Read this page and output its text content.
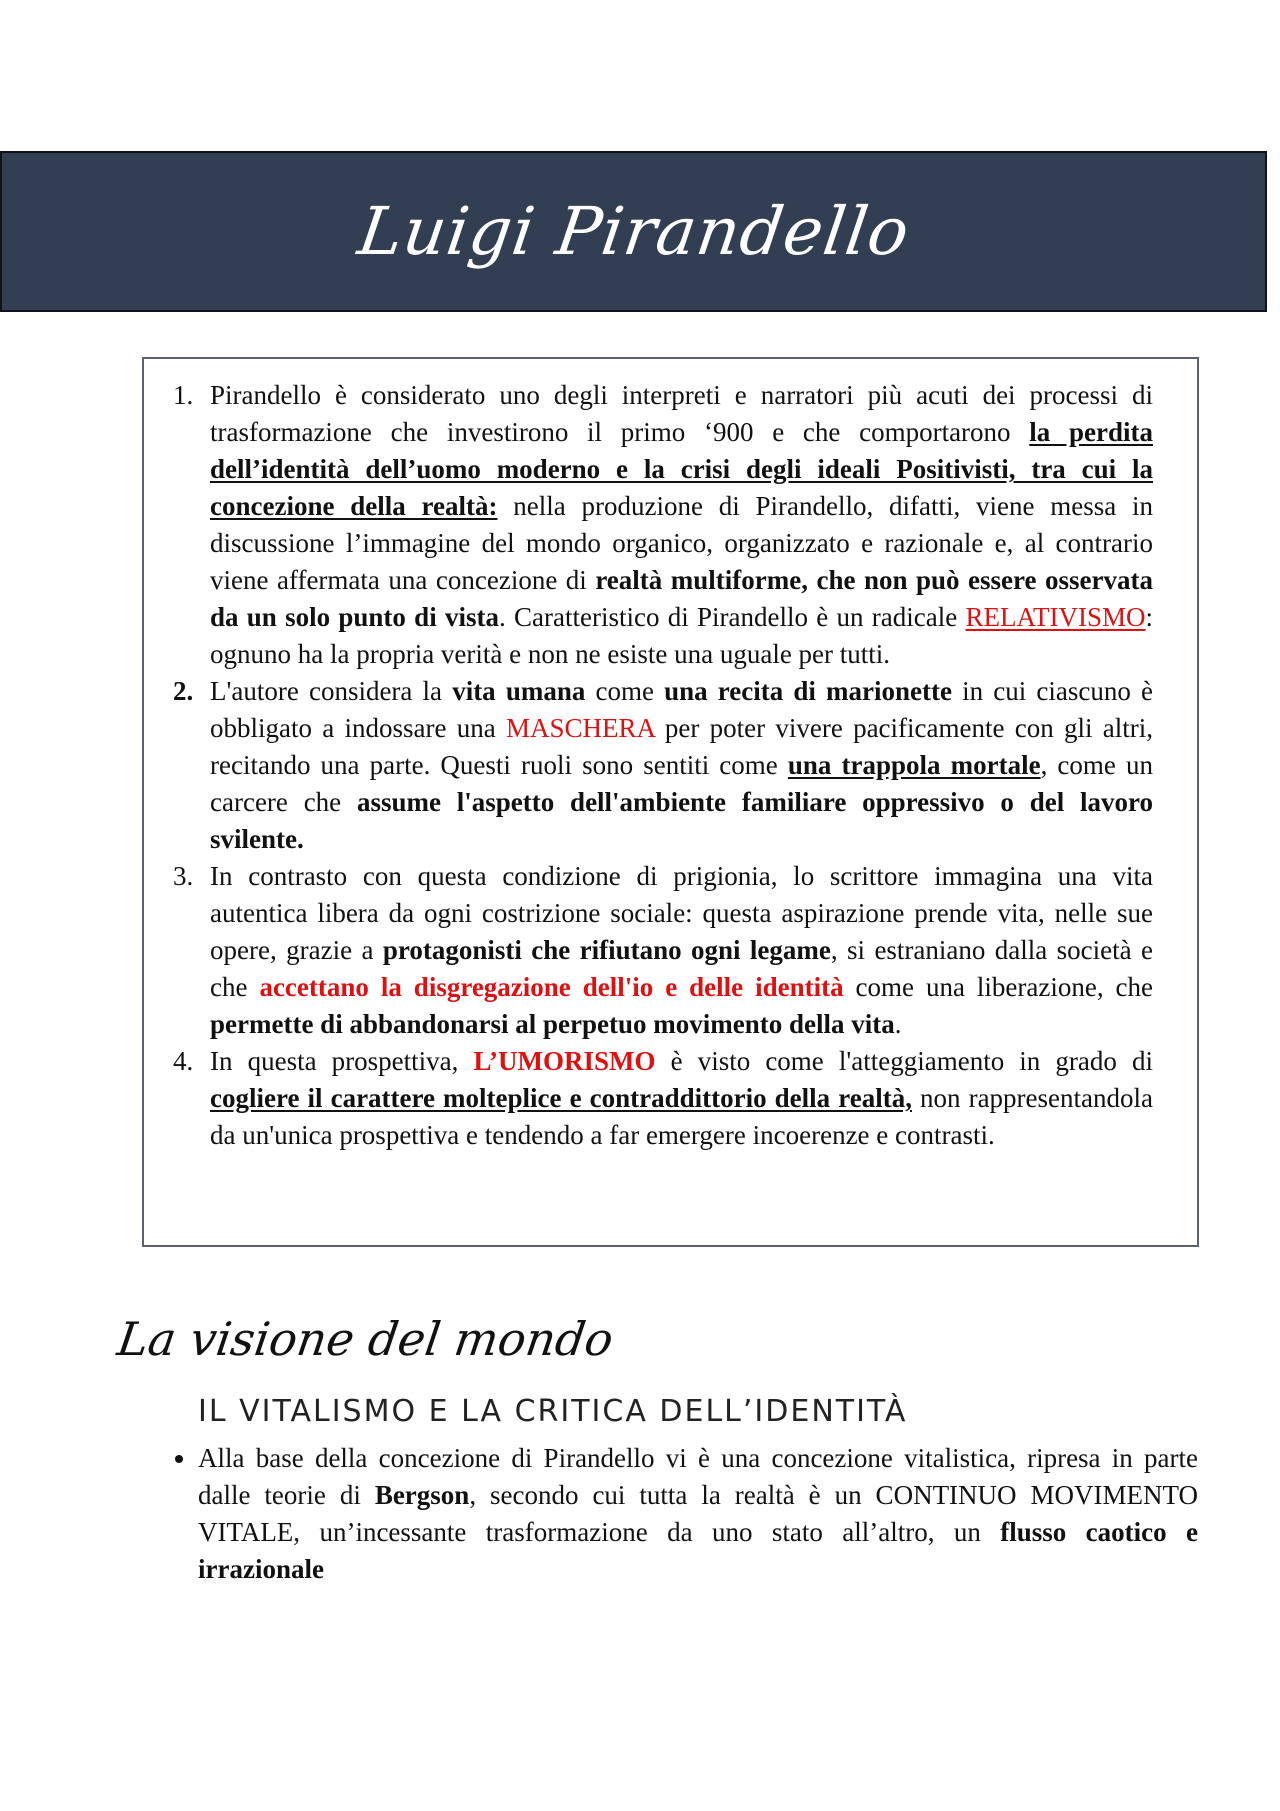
Luigi Pirandello
1. Pirandello è considerato uno degli interpreti e narratori più acuti dei processi di trasformazione che investirono il primo ‘900 e che comportarono la perdita dell’identità dell’uomo moderno e la crisi degli ideali Positivisti, tra cui la concezione della realtà: nella produzione di Pirandello, difatti, viene messa in discussione l’immagine del mondo organico, organizzato e razionale e, al contrario viene affermata una concezione di realtà multiforme, che non può essere osservata da un solo punto di vista. Caratteristico di Pirandello è un radicale RELATIVISMO: ognuno ha la propria verità e non ne esiste una uguale per tutti.
2. L'autore considera la vita umana come una recita di marionette in cui ciascuno è obbligato a indossare una MASCHERA per poter vivere pacificamente con gli altri, recitando una parte. Questi ruoli sono sentiti come una trappola mortale, come un carcere che assume l'aspetto dell'ambiente familiare oppressivo o del lavoro svilente.
3. In contrasto con questa condizione di prigionia, lo scrittore immagina una vita autentica libera da ogni costrizione sociale: questa aspirazione prende vita, nelle sue opere, grazie a protagonisti che rifiutano ogni legame, si estraniano dalla società e che accettano la disgregazione dell'io e delle identità come una liberazione, che permette di abbandonarsi al perpetuo movimento della vita.
4. In questa prospettiva, L’UMORISMO è visto come l'atteggiamento in grado di cogliere il carattere molteplice e contraddittorio della realtà, non rappresentandola da un'unica prospettiva e tendendo a far emergere incoerenze e contrasti.
La visione del mondo
IL VITALISMO E LA CRITICA DELL’IDENTITÀ
• Alla base della concezione di Pirandello vi è una concezione vitalistica, ripresa in parte dalle teorie di Bergson, secondo cui tutta la realtà è un CONTINUO MOVIMENTO VITALE, un’incessante trasformazione da uno stato all’altro, un flusso caotico e irrazionale
